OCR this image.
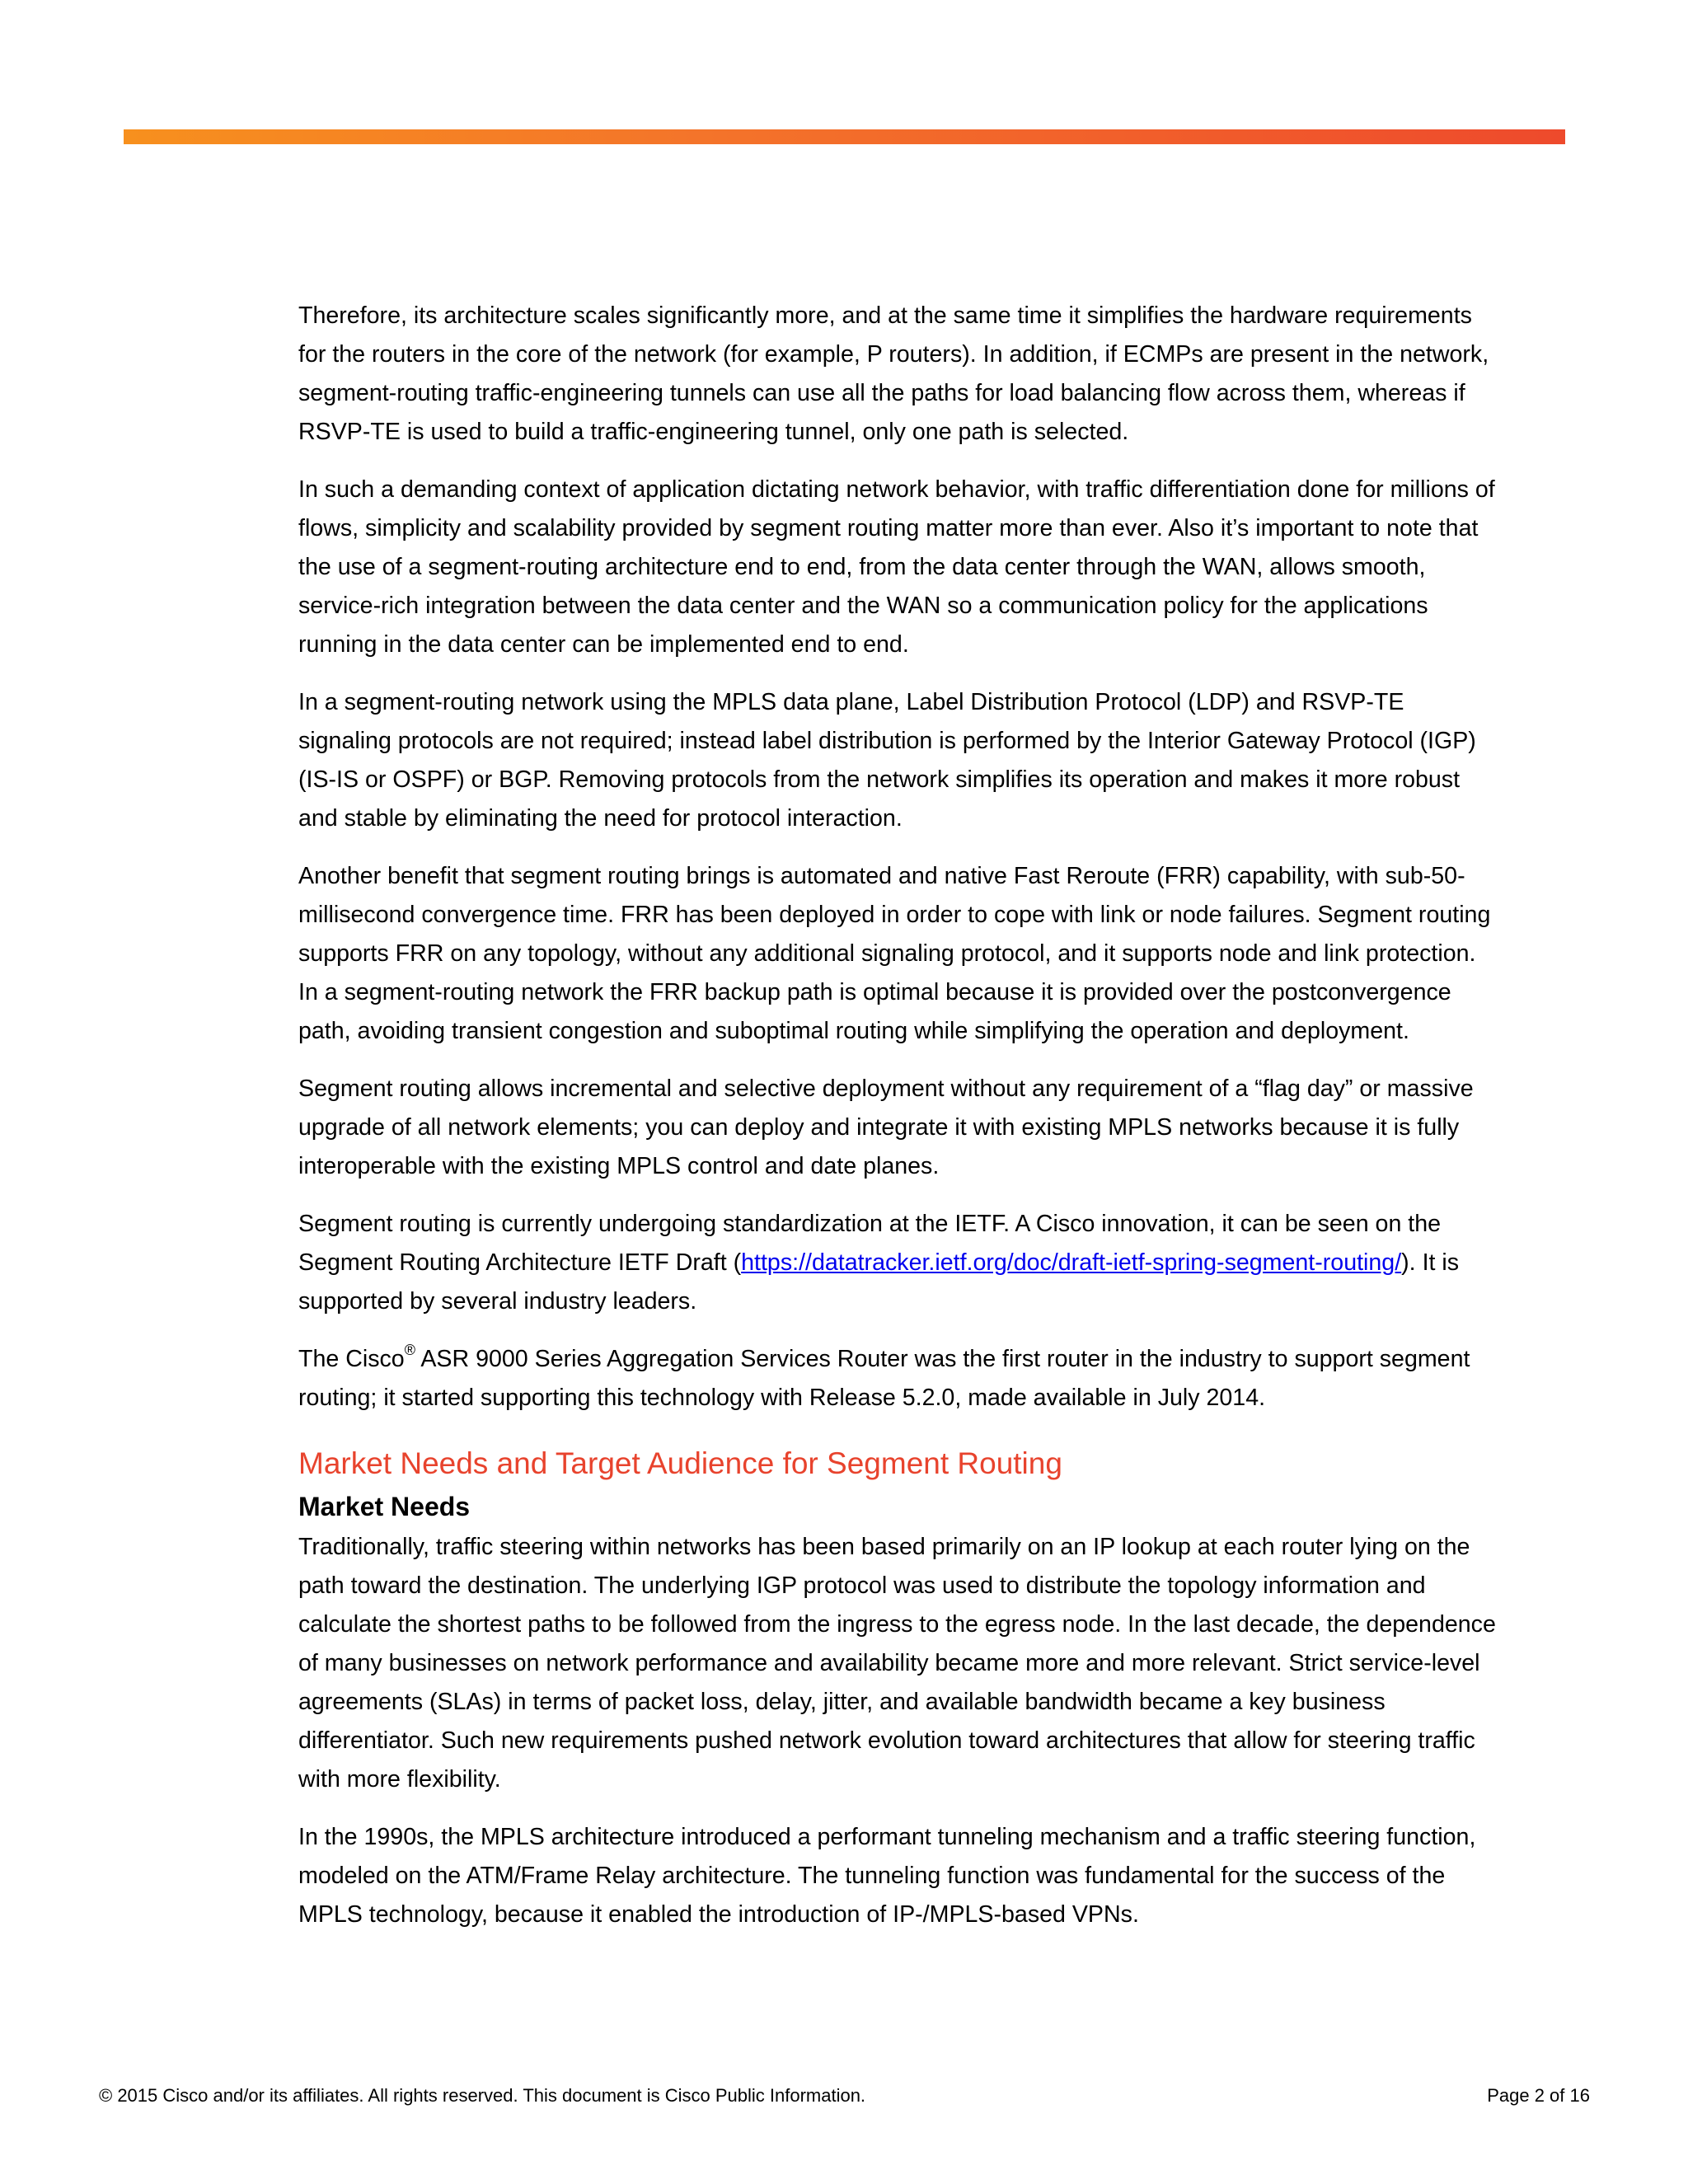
Therefore, its architecture scales significantly more, and at the same time it simplifies the hardware requirements
for the routers in the core of the network (for example, P routers). In addition, if ECMPs are present in the network,
segment-routing traffic-engineering tunnels can use all the paths for load balancing flow across them, whereas if
RSVP-TE is used to build a traffic-engineering tunnel, only one path is selected.

In such a demanding context of application dictating network behavior, with traffic differentiation done for millions of
flows, simplicity and scalability provided by segment routing matter more than ever. Also it’s important to note that
the use of a segment-routing architecture end to end, from the data center through the WAN, allows smooth,
service-rich integration between the data center and the WAN so a communication policy for the applications
running in the data center can be implemented end to end.

In a segment-routing network using the MPLS data plane, Label Distribution Protocol (LDP) and RSVP-TE
signaling protocols are not required; instead label distribution is performed by the Interior Gateway Protocol (IGP)
(IS-IS or OSPF) or BGP. Removing protocols from the network simplifies its operation and makes it more robust
and stable by eliminating the need for protocol interaction.

Another benefit that segment routing brings is automated and native Fast Reroute (FRR) capability, with sub-50-
millisecond convergence time. FRR has been deployed in order to cope with link or node failures. Segment routing
supports FRR on any topology, without any additional signaling protocol, and it supports node and link protection.
In a segment-routing network the FRR backup path is optimal because it is provided over the postconvergence
path, avoiding transient congestion and suboptimal routing while simplifying the operation and deployment.

Segment routing allows incremental and selective deployment without any requirement of a “flag day” or massive
upgrade of all network elements; you can deploy and integrate it with existing MPLS networks because it is fully
interoperable with the existing MPLS control and date planes.

Segment routing is currently undergoing standardization at the IETF. A Cisco innovation, it can be seen on the
Segment Routing Architecture IETF Draft (https://datatracker.ietf.org/doc/draft-ietf-spring-segment-routing/). It is
supported by several industry leaders.

The Cisco® ASR 9000 Series Aggregation Services Router was the first router in the industry to support segment
routing; it started supporting this technology with Release 5.2.0, made available in July 2014.

Market Needs and Target Audience for Segment Routing
Market Needs

Traditionally, traffic steering within networks has been based primarily on an IP lookup at each router lying on the
path toward the destination. The underlying IGP protocol was used to distribute the topology information and
calculate the shortest paths to be followed from the ingress to the egress node. In the last decade, the dependence
of many businesses on network performance and availability became more and more relevant. Strict service-level
agreements (SLAs) in terms of packet loss, delay, jitter, and available bandwidth became a key business
differentiator. Such new requirements pushed network evolution toward architectures that allow for steering traffic
with more flexibility.

In the 1990s, the MPLS architecture introduced a performant tunneling mechanism and a traffic steering function,
modeled on the ATM/Frame Relay architecture. The tunneling function was fundamental for the success of the
MPLS technology, because it enabled the introduction of IP-/MPLS-based VPNs.

© 2015 Cisco and/or its affiliates. All rights reserved. This document is Cisco Public Information.	Page 2 of 16
